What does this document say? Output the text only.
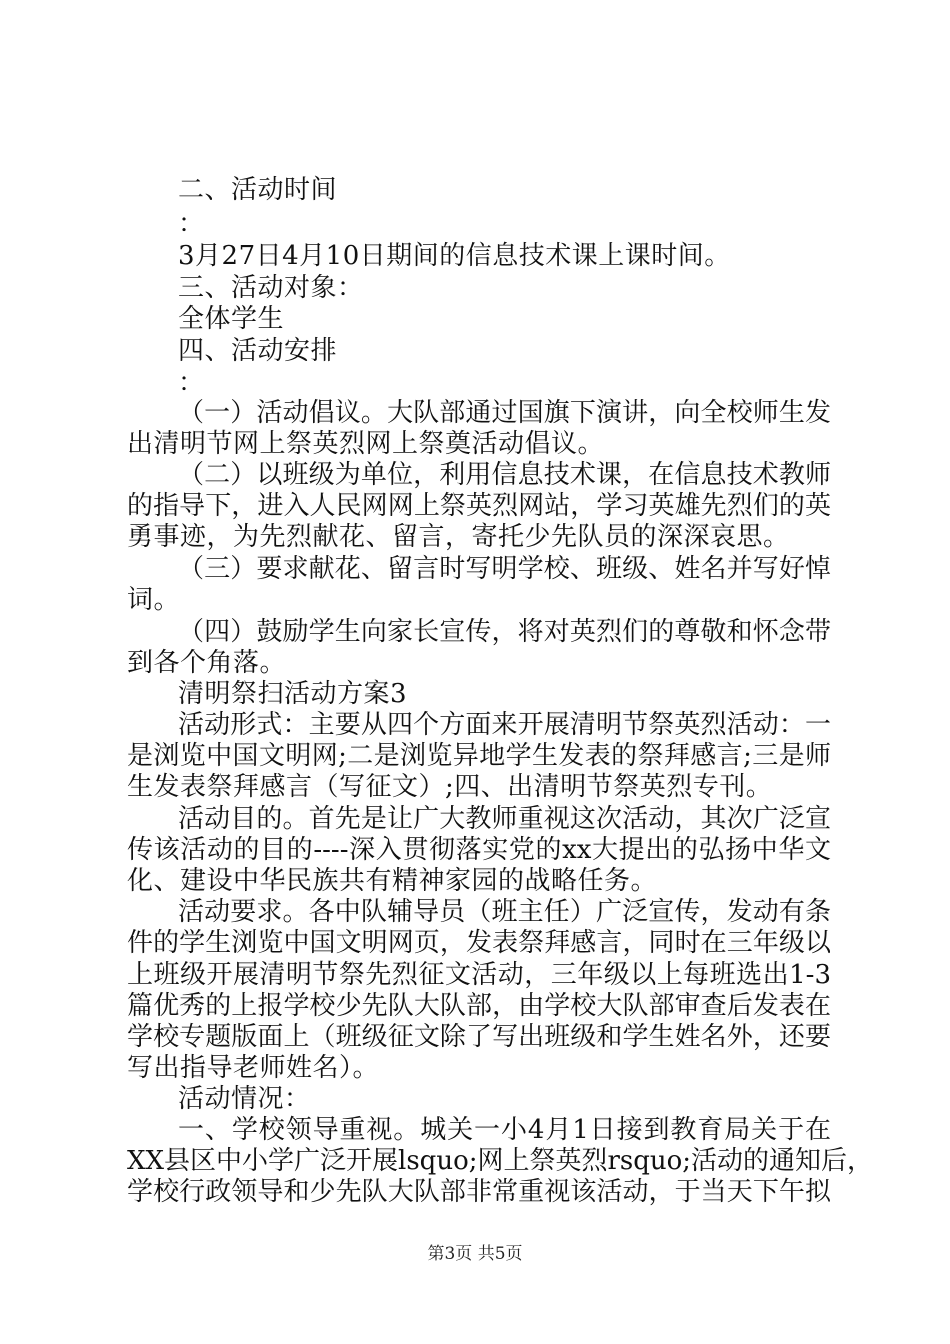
二、活动时间
：
3月27日4月10日期间的信息技术课上课时间。
三、活动对象：
全体学生
四、活动安排
：
（一）活动倡议。大队部通过国旗下演讲，向全校师生发
出清明节网上祭英烈网上祭奠活动倡议。
（二）以班级为单位，利用信息技术课，在信息技术教师
的指导下，进入人民网网上祭英烈网站，学习英雄先烈们的英
勇事迹，为先烈献花、留言，寄托少先队员的深深哀思。
（三）要求献花、留言时写明学校、班级、姓名并写好悼
词。
（四）鼓励学生向家长宣传，将对英烈们的尊敬和怀念带
到各个角落。
清明祭扫活动方案3
活动形式：主要从四个方面来开展清明节祭英烈活动：一
是浏览中国文明网;二是浏览异地学生发表的祭拜感言;三是师
生发表祭拜感言（写征文）;四、出清明节祭英烈专刊。
活动目的。首先是让广大教师重视这次活动，其次广泛宣
传该活动的目的----深入贯彻落实党的xx大提出的弘扬中华文
化、建设中华民族共有精神家园的战略任务。
活动要求。各中队辅导员（班主任）广泛宣传，发动有条
件的学生浏览中国文明网页，发表祭拜感言，同时在三年级以
上班级开展清明节祭先烈征文活动，三年级以上每班选出1-3
篇优秀的上报学校少先队大队部，由学校大队部审查后发表在
学校专题版面上（班级征文除了写出班级和学生姓名外，还要
写出指导老师姓名）。
活动情况：
一、学校领导重视。城关一小4月1日接到教育局关于在
XX县区中小学广泛开展lsquo;网上祭英烈rsquo;活动的通知后，
学校行政领导和少先队大队部非常重视该活动，于当天下午拟
第3页 共5页
